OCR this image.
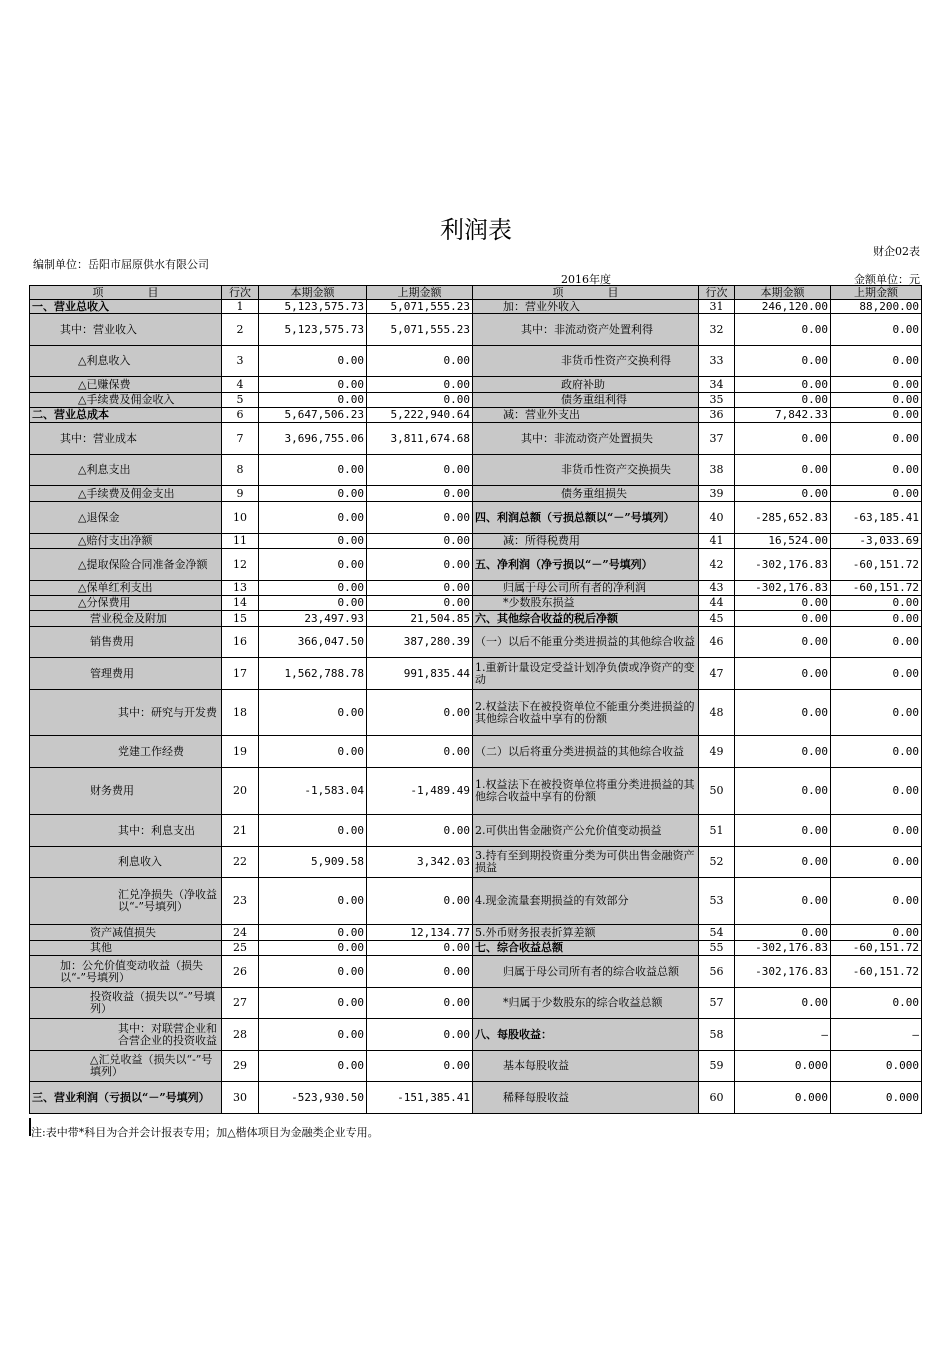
利润表
财企02表
编制单位：岳阳市屈原供水有限公司
2016年度	金额单位：元
项　　　　目	行次	本期金额	上期金额	项　　　　目	行次	本期金额	上期金额
一、营业总收入	1	5,123,575.73	5,071,555.23	加：营业外收入	31	246,120.00	88,200.00
其中：营业收入	2	5,123,575.73	5,071,555.23	其中：非流动资产处置利得	32	0.00	0.00
△利息收入	3	0.00	0.00	非货币性资产交换利得	33	0.00	0.00
△已赚保费	4	0.00	0.00	政府补助	34	0.00	0.00
△手续费及佣金收入	5	0.00	0.00	债务重组利得	35	0.00	0.00
二、营业总成本	6	5,647,506.23	5,222,940.64	减：营业外支出	36	7,842.33	0.00
其中：营业成本	7	3,696,755.06	3,811,674.68	其中：非流动资产处置损失	37	0.00	0.00
△利息支出	8	0.00	0.00	非货币性资产交换损失	38	0.00	0.00
△手续费及佣金支出	9	0.00	0.00	债务重组损失	39	0.00	0.00
△退保金	10	0.00	0.00	四、利润总额（亏损总额以“－”号填列）	40	-285,652.83	-63,185.41
△赔付支出净额	11	0.00	0.00	减：所得税费用	41	16,524.00	-3,033.69
△提取保险合同准备金净额	12	0.00	0.00	五、净利润（净亏损以“－”号填列）	42	-302,176.83	-60,151.72
△保单红利支出	13	0.00	0.00	归属于母公司所有者的净利润	43	-302,176.83	-60,151.72
△分保费用	14	0.00	0.00	*少数股东损益	44	0.00	0.00
营业税金及附加	15	23,497.93	21,504.85	六、其他综合收益的税后净额	45	0.00	0.00
销售费用	16	366,047.50	387,280.39	（一）以后不能重分类进损益的其他综合收益	46	0.00	0.00
管理费用	17	1,562,788.78	991,835.44	1.重新计量设定受益计划净负债或净资产的变动	47	0.00	0.00
其中：研究与开发费	18	0.00	0.00	2.权益法下在被投资单位不能重分类进损益的其他综合收益中享有的份额	48	0.00	0.00
党建工作经费	19	0.00	0.00	（二）以后将重分类进损益的其他综合收益	49	0.00	0.00
财务费用	20	-1,583.04	-1,489.49	1.权益法下在被投资单位将重分类进损益的其他综合收益中享有的份额	50	0.00	0.00
其中：利息支出	21	0.00	0.00	2.可供出售金融资产公允价值变动损益	51	0.00	0.00
利息收入	22	5,909.58	3,342.03	3.持有至到期投资重分类为可供出售金融资产损益	52	0.00	0.00
汇兑净损失（净收益以“-”号填列）	23	0.00	0.00	4.现金流量套期损益的有效部分	53	0.00	0.00
资产减值损失	24	0.00	12,134.77	5.外币财务报表折算差额	54	0.00	0.00
其他	25	0.00	0.00	七、综合收益总额	55	-302,176.83	-60,151.72
加：公允价值变动收益（损失以“-”号填列）	26	0.00	0.00	归属于母公司所有者的综合收益总额	56	-302,176.83	-60,151.72
投资收益（损失以“-”号填列）	27	0.00	0.00	*归属于少数股东的综合收益总额	57	0.00	0.00
其中：对联营企业和合营企业的投资收益	28	0.00	0.00	八、每股收益：	58	—	—
△汇兑收益（损失以“-”号填列）	29	0.00	0.00	基本每股收益	59	0.000	0.000
三、营业利润（亏损以“－”号填列）	30	-523,930.50	-151,385.41	稀释每股收益	60	0.000	0.000
注:表中带*科目为合并会计报表专用；加△楷体项目为金融类企业专用。
